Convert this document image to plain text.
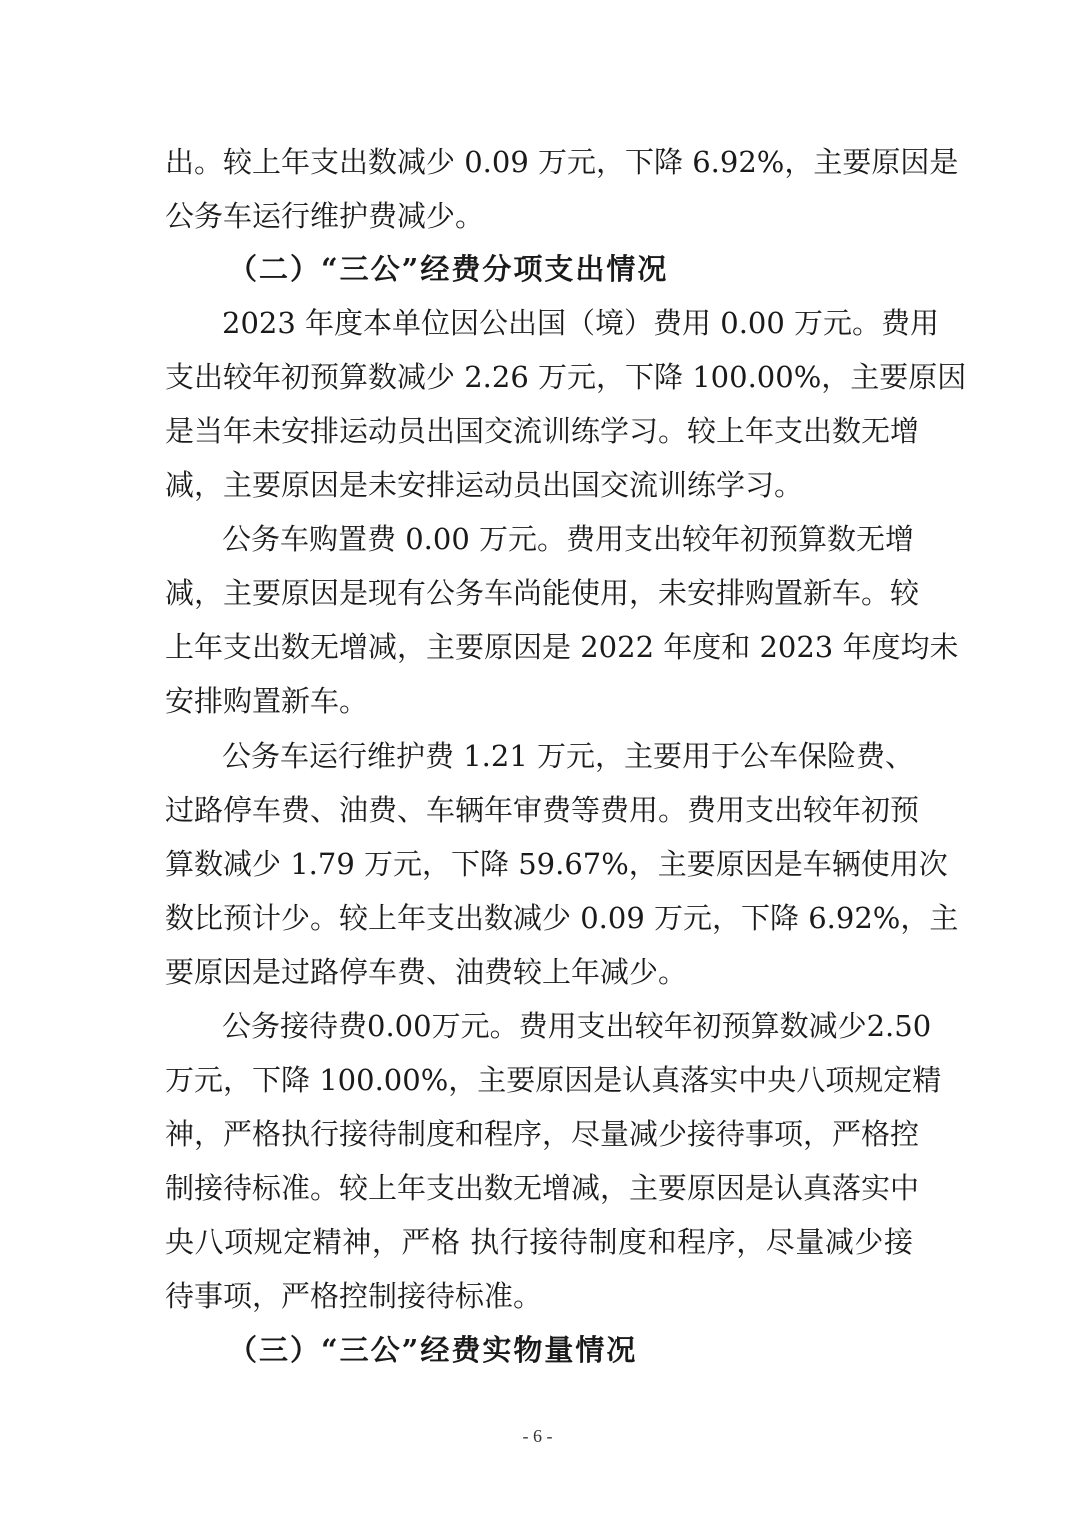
出。较上年支出数减少 0.09 万元，下降 6.92%，主要原因是
公务车运行维护费减少。
（二）“三公”经费分项支出情况
2023 年度本单位因公出国（境）费用 0.00 万元。费用
支出较年初预算数减少 2.26 万元，下降 100.00%，主要原因
是当年未安排运动员出国交流训练学习。较上年支出数无增
减，主要原因是未安排运动员出国交流训练学习。
公务车购置费 0.00 万元。费用支出较年初预算数无增
减，主要原因是现有公务车尚能使用，未安排购置新车。较
上年支出数无增减，主要原因是 2022 年度和 2023 年度均未
安排购置新车。
公务车运行维护费 1.21 万元，主要用于公车保险费、
过路停车费、油费、车辆年审费等费用。费用支出较年初预
算数减少 1.79 万元，下降 59.67%，主要原因是车辆使用次
数比预计少。较上年支出数减少 0.09 万元，下降 6.92%，主
要原因是过路停车费、油费较上年减少。
公务接待费0.00万元。费用支出较年初预算数减少2.50
万元，下降 100.00%，主要原因是认真落实中央八项规定精
神，严格执行接待制度和程序，尽量减少接待事项，严格控
制接待标准。较上年支出数无增减，主要原因是认真落实中
央八项规定精神，严格 执行接待制度和程序，尽量减少接
待事项，严格控制接待标准。
（三）“三公”经费实物量情况
- 6 -
